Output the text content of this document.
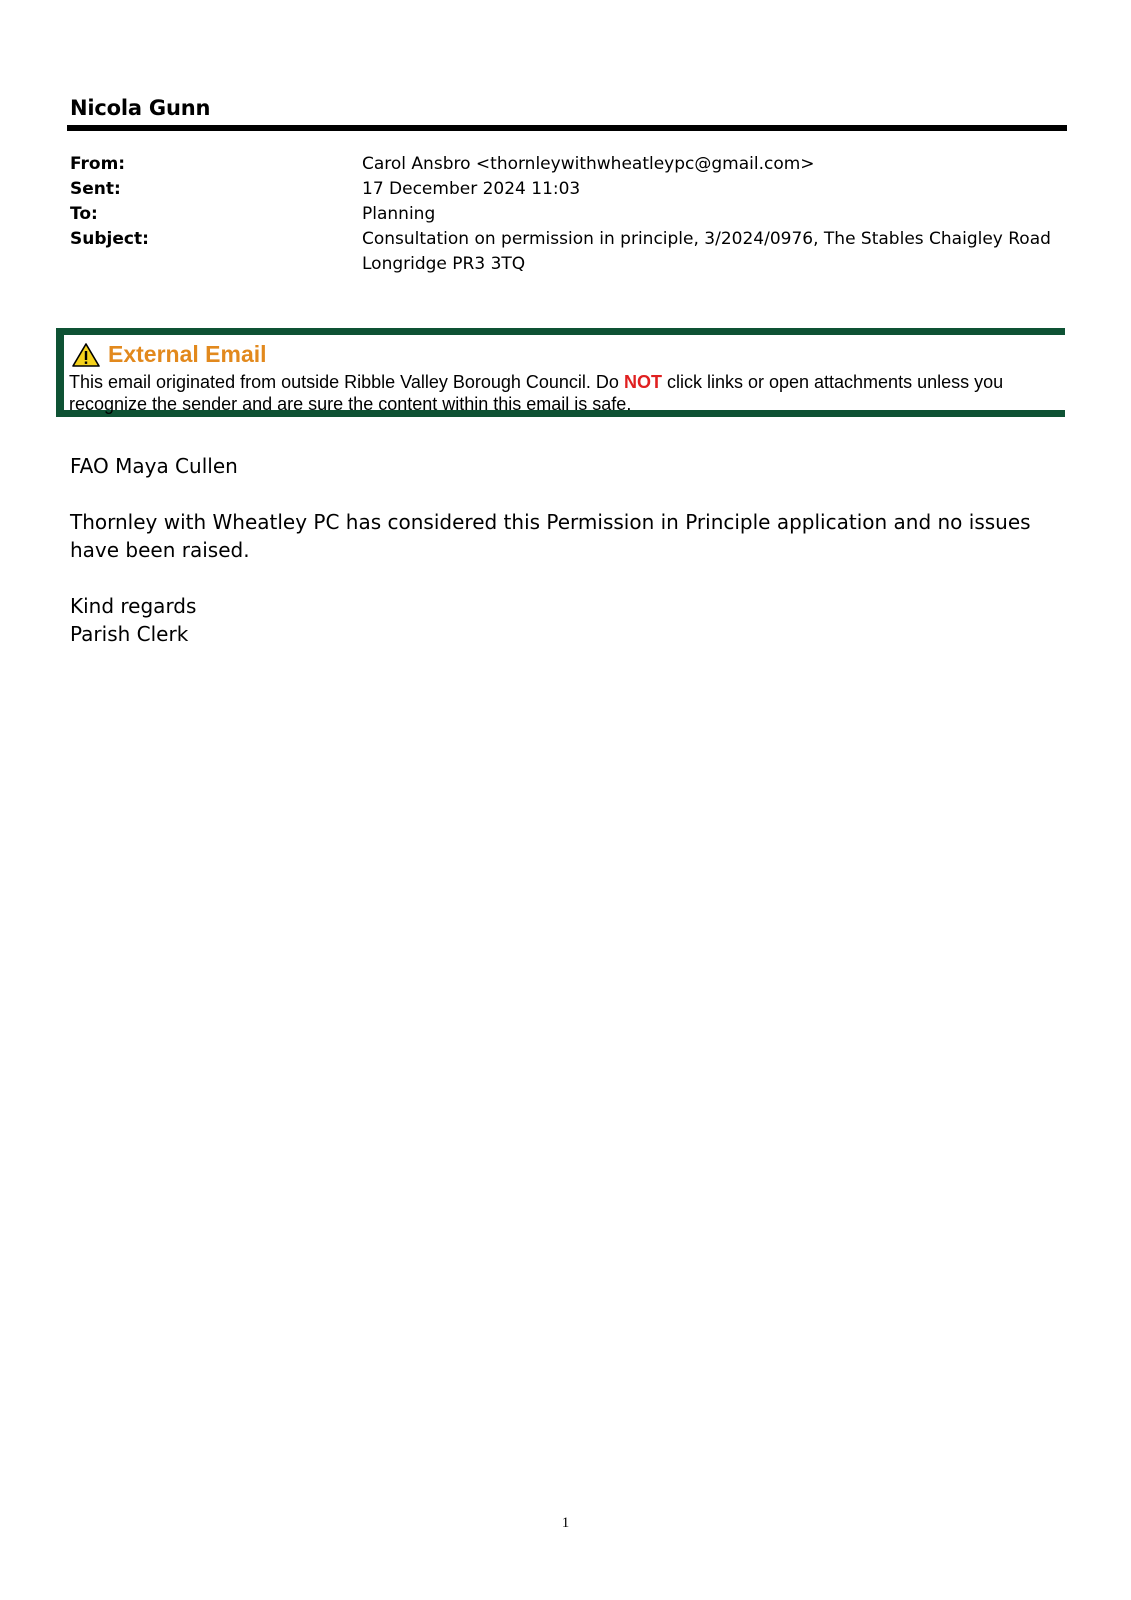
Nicola Gunn
From:	Carol Ansbro <thornleywithwheatleypc@gmail.com>
Sent:	17 December 2024 11:03
To:	Planning
Subject:	Consultation on permission in principle, 3/2024/0976, The Stables Chaigley Road Longridge PR3 3TQ
External Email
This email originated from outside Ribble Valley Borough Council. Do NOT click links or open attachments unless you recognize the sender and are sure the content within this email is safe.

FAO Maya Cullen

Thornley with Wheatley PC has considered this Permission in Principle application and no issues have been raised.

Kind regards
Parish Clerk
1
